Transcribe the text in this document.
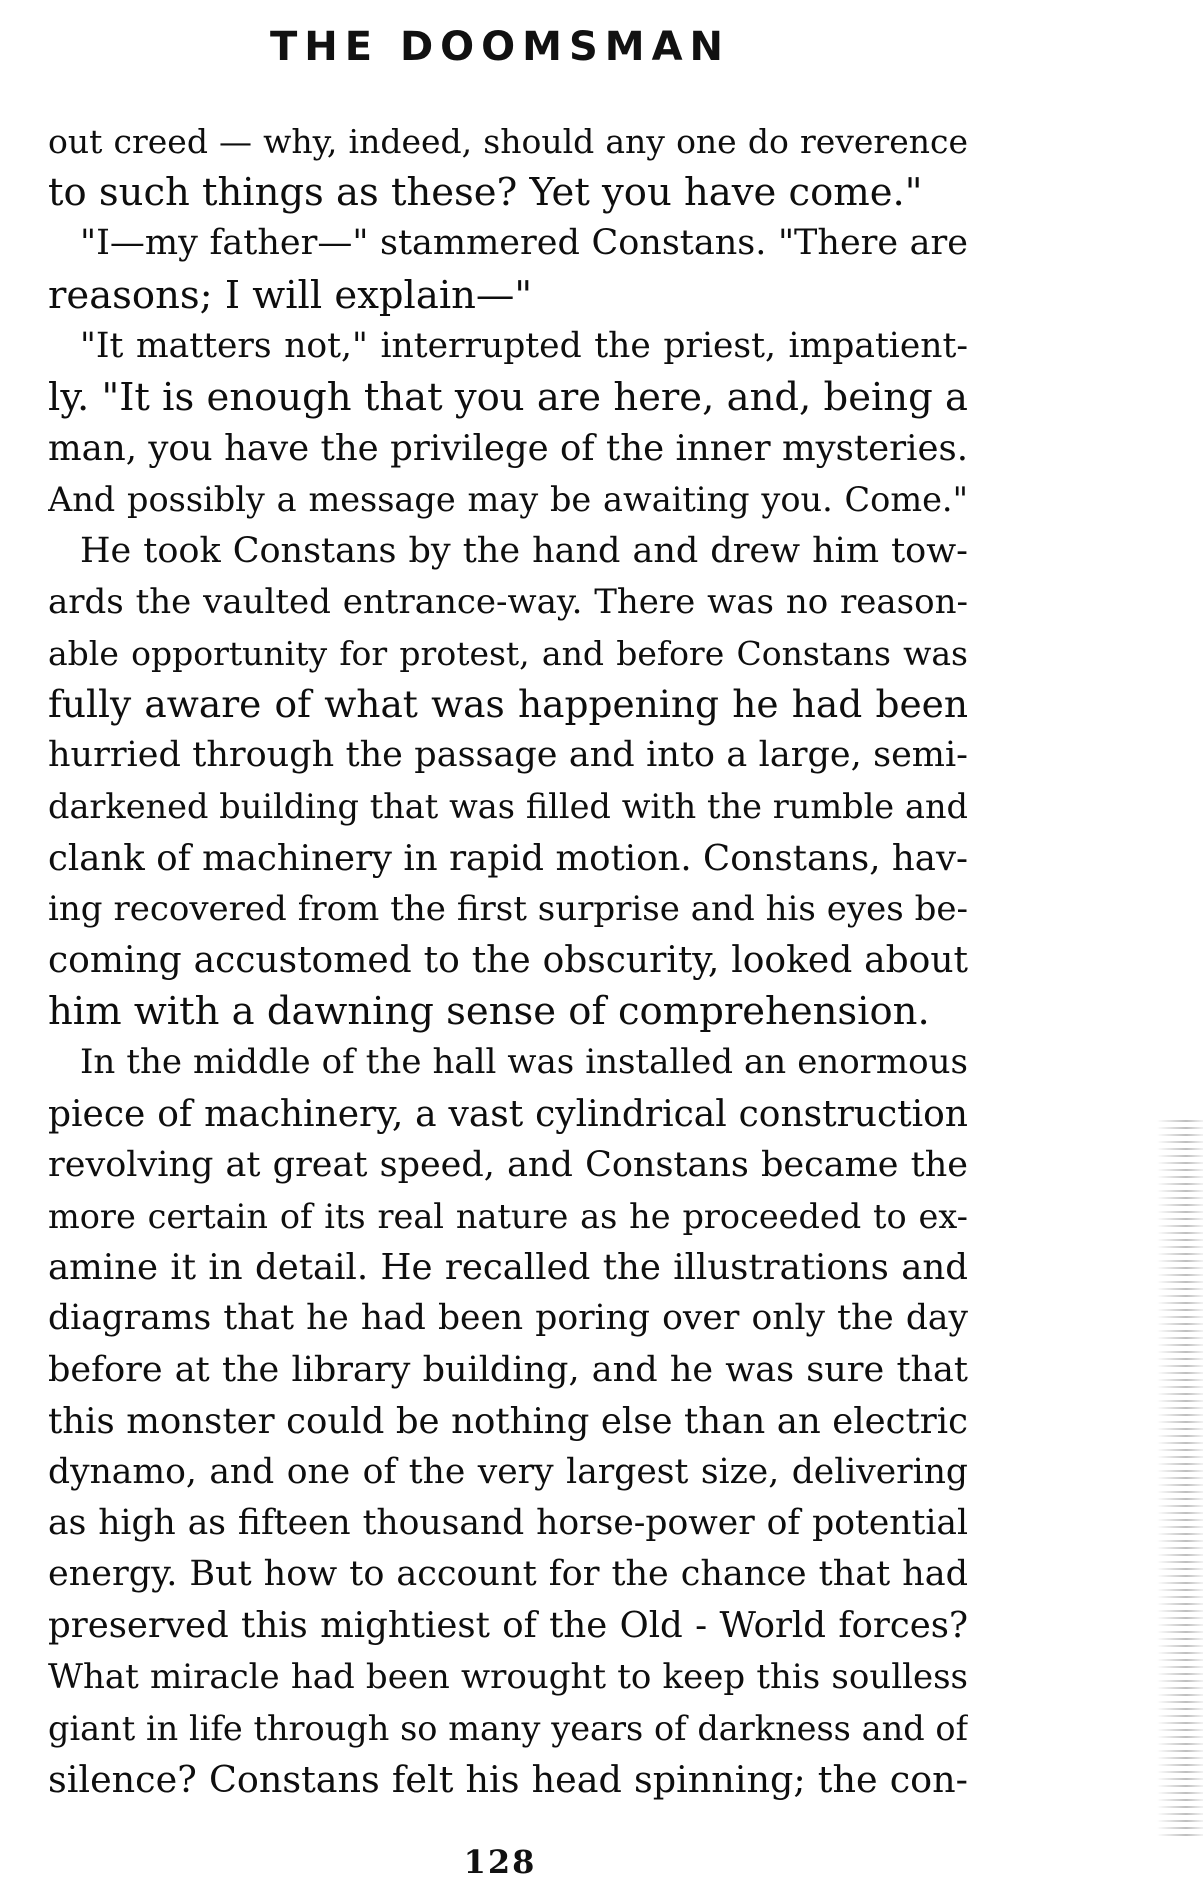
THE DOOMSMAN
out creed — why, indeed, should any one do reverence
to such things as these? Yet you have come."
"I—my father—" stammered Constans. "There are
reasons; I will explain—"
"It matters not," interrupted the priest, impatient-
ly. "It is enough that you are here, and, being a
man, you have the privilege of the inner mysteries.
And possibly a message may be awaiting you. Come."
He took Constans by the hand and drew him tow-
ards the vaulted entrance-way. There was no reason-
able opportunity for protest, and before Constans was
fully aware of what was happening he had been
hurried through the passage and into a large, semi-
darkened building that was filled with the rumble and
clank of machinery in rapid motion. Constans, hav-
ing recovered from the first surprise and his eyes be-
coming accustomed to the obscurity, looked about
him with a dawning sense of comprehension.
In the middle of the hall was installed an enormous
piece of machinery, a vast cylindrical construction
revolving at great speed, and Constans became the
more certain of its real nature as he proceeded to ex-
amine it in detail. He recalled the illustrations and
diagrams that he had been poring over only the day
before at the library building, and he was sure that
this monster could be nothing else than an electric
dynamo, and one of the very largest size, delivering
as high as fifteen thousand horse-power of potential
energy. But how to account for the chance that had
preserved this mightiest of the Old - World forces?
What miracle had been wrought to keep this soulless
giant in life through so many years of darkness and of
silence? Constans felt his head spinning; the con-
128
